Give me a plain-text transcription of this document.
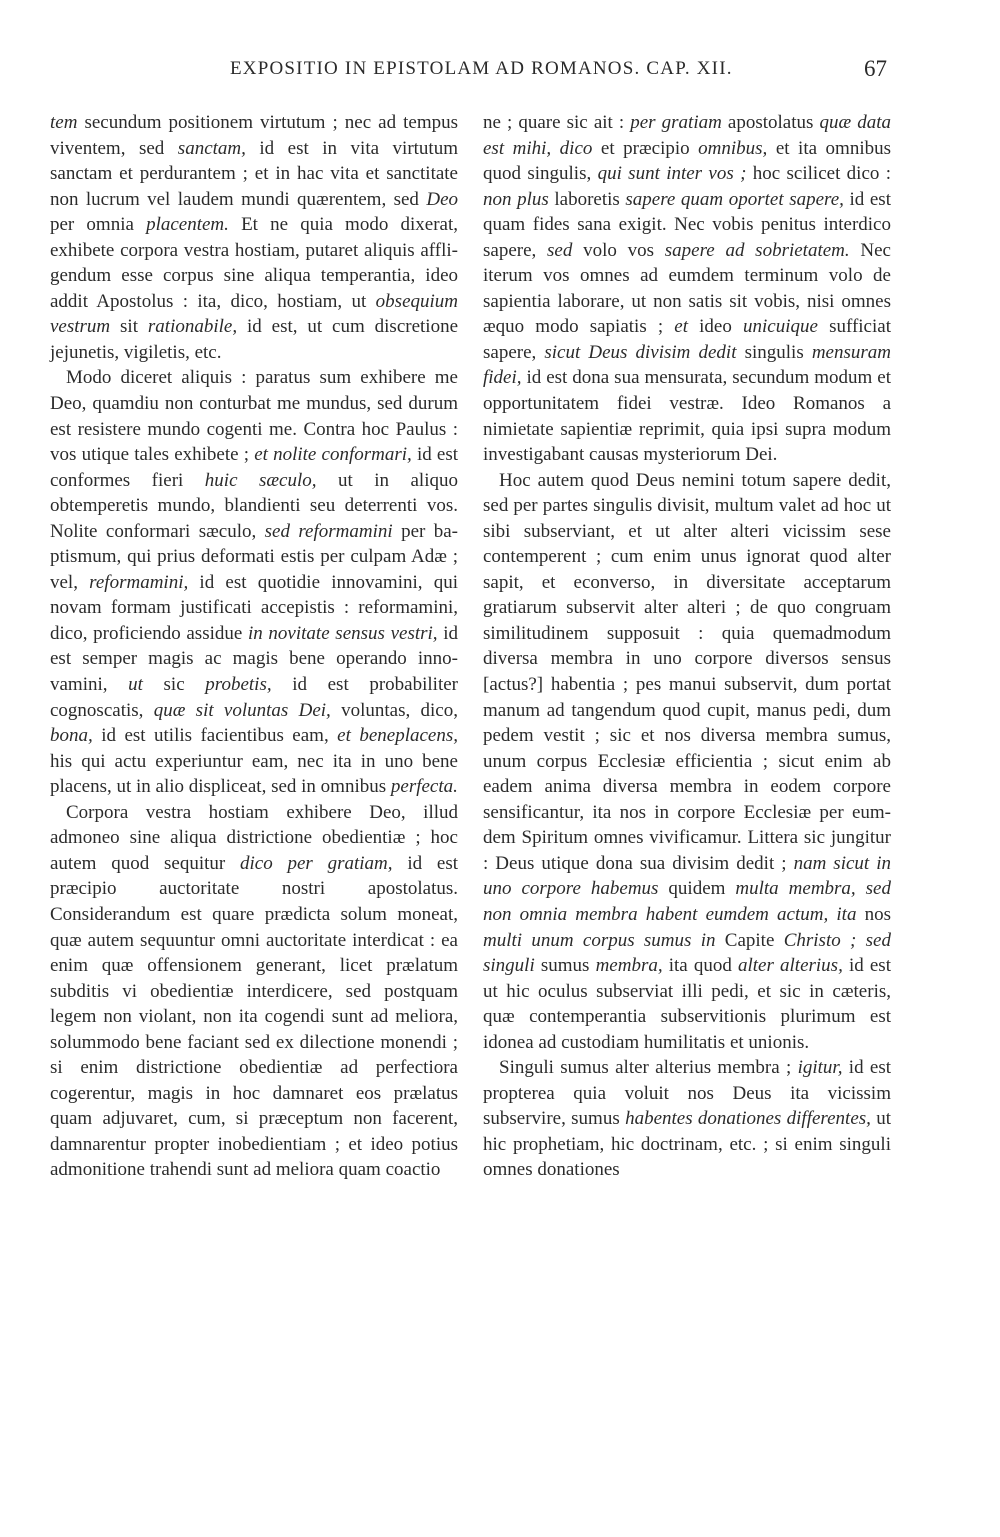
EXPOSITIO IN EPISTOLAM AD ROMANOS. CAP. XII.	67

tem secundum positionem virtutum ; nec ad tempus viventem, sed sanctam, id est in vita virtutum sanctam et perdurantem ; et in hac vita et sanctitate non lucrum vel laudem mundi quærentem, sed Deo per omnia placentem. Et ne quia modo dixerat, exhibete corpora vestra hostiam, putaret aliquis affligendum esse corpus sine aliqua temperantia, ideo addit Apostolus : ita, dico, hostiam, ut obsequium vestrum sit rationabile, id est, ut cum discretione jejunetis, vigiletis, etc.

Modo diceret aliquis : paratus sum exhibere me Deo, quamdiu non conturbat me mundus, sed durum est resistere mundo cogenti me. Contra hoc Paulus : vos utique tales exhibete ; et nolite conformari, id est conformes fieri huic sæculo, ut in aliquo obtemperetis mundo, blandienti seu deterrenti vos. Nolite conformari sæculo, sed reformamini per baptismum, qui prius deformati estis per culpam Adæ ; vel, reformamini, id est quotidie innovamini, qui novam formam justificati accepistis : reformamini, dico, proficiendo assidue in novitate sensus vestri, id est semper magis ac magis bene operando innovamini, ut sic probetis, id est probabiliter cognoscatis, quæ sit voluntas Dei, voluntas, dico, bona, id est utilis facientibus eam, et beneplacens, his qui actu experiuntur eam, nec ita in uno bene placens, ut in alio displiceat, sed in omnibus perfecta.

Corpora vestra hostiam exhibere Deo, illud admoneo sine aliqua districtione obedientiæ ; hoc autem quod sequitur dico per gratiam, id est præcipio auctoritate nostri apostolatus. Considerandum est quare prædicta solum moneat, quæ autem sequuntur omni auctoritate interdicat : ea enim quæ offensionem generant, licet prælatum subditis vi obedientiæ interdicere, sed postquam legem non violant, non ita cogendi sunt ad meliora, solummodo bene faciant sed ex dilectione monendi ; si enim districtione obedientiæ ad perfectiora cogerentur, magis in hoc damnaret eos prælatus quam adjuvaret, cum, si præceptum non facerent, damnarentur propter inobedientiam ; et ideo potius admonitione trahendi sunt ad meliora quam coactio

ne ; quare sic ait : per gratiam apostolatus quæ data est mihi, dico et præcipio omnibus, et ita omnibus quod singulis, qui sunt inter vos ; hoc scilicet dico : non plus laboretis sapere quam oportet sapere, id est quam fides sana exigit. Nec vobis penitus interdico sapere, sed volo vos sapere ad sobrietatem. Nec iterum vos omnes ad eumdem terminum volo de sapientia laborare, ut non satis sit vobis, nisi omnes æquo modo sapiatis ; et ideo unicuique sufficiat sapere, sicut Deus divisim dedit singulis mensuram fidei, id est dona sua mensurata, secundum modum et opportunitatem fidei vestræ. Ideo Romanos a nimietate sapientiæ reprimit, quia ipsi supra modum investigabant causas mysteriorum Dei.

Hoc autem quod Deus nemini totum sapere dedit, sed per partes singulis divisit, multum valet ad hoc ut sibi subserviant, et ut alter alteri vicissim sese contemperent ; cum enim unus ignorat quod alter sapit, et econverso, in diversitate acceptarum gratiarum subservit alter alteri ; de quo congruam similitudinem supposuit : quia quemadmodum diversa membra in uno corpore diversos sensus [actus?] habentia ; pes manui subservit, dum portat manum ad tangendum quod cupit, manus pedi, dum pedem vestit ; sic et nos diversa membra sumus, unum corpus Ecclesiæ efficientia ; sicut enim ab eadem anima diversa membra in eodem corpore sensificantur, ita nos in corpore Ecclesiæ per eumdem Spiritum omnes vivificamur. Littera sic jungitur : Deus utique dona sua divisim dedit ; nam sicut in uno corpore habemus quidem multa membra, sed non omnia membra habent eumdem actum, ita nos multi unum corpus sumus in Capite Christo ; sed singuli sumus membra, ita quod alter alterius, id est ut hic oculus subserviat illi pedi, et sic in cæteris, quæ contemperantia subservitionis plurimum est idonea ad custodiam humilitatis et unionis.

Singuli sumus alter alterius membra ; igitur, id est propterea quia voluit nos Deus ita vicissim subservire, sumus habentes donationes differentes, ut hic prophetiam, hic doctrinam, etc. ; si enim singuli omnes donationes
